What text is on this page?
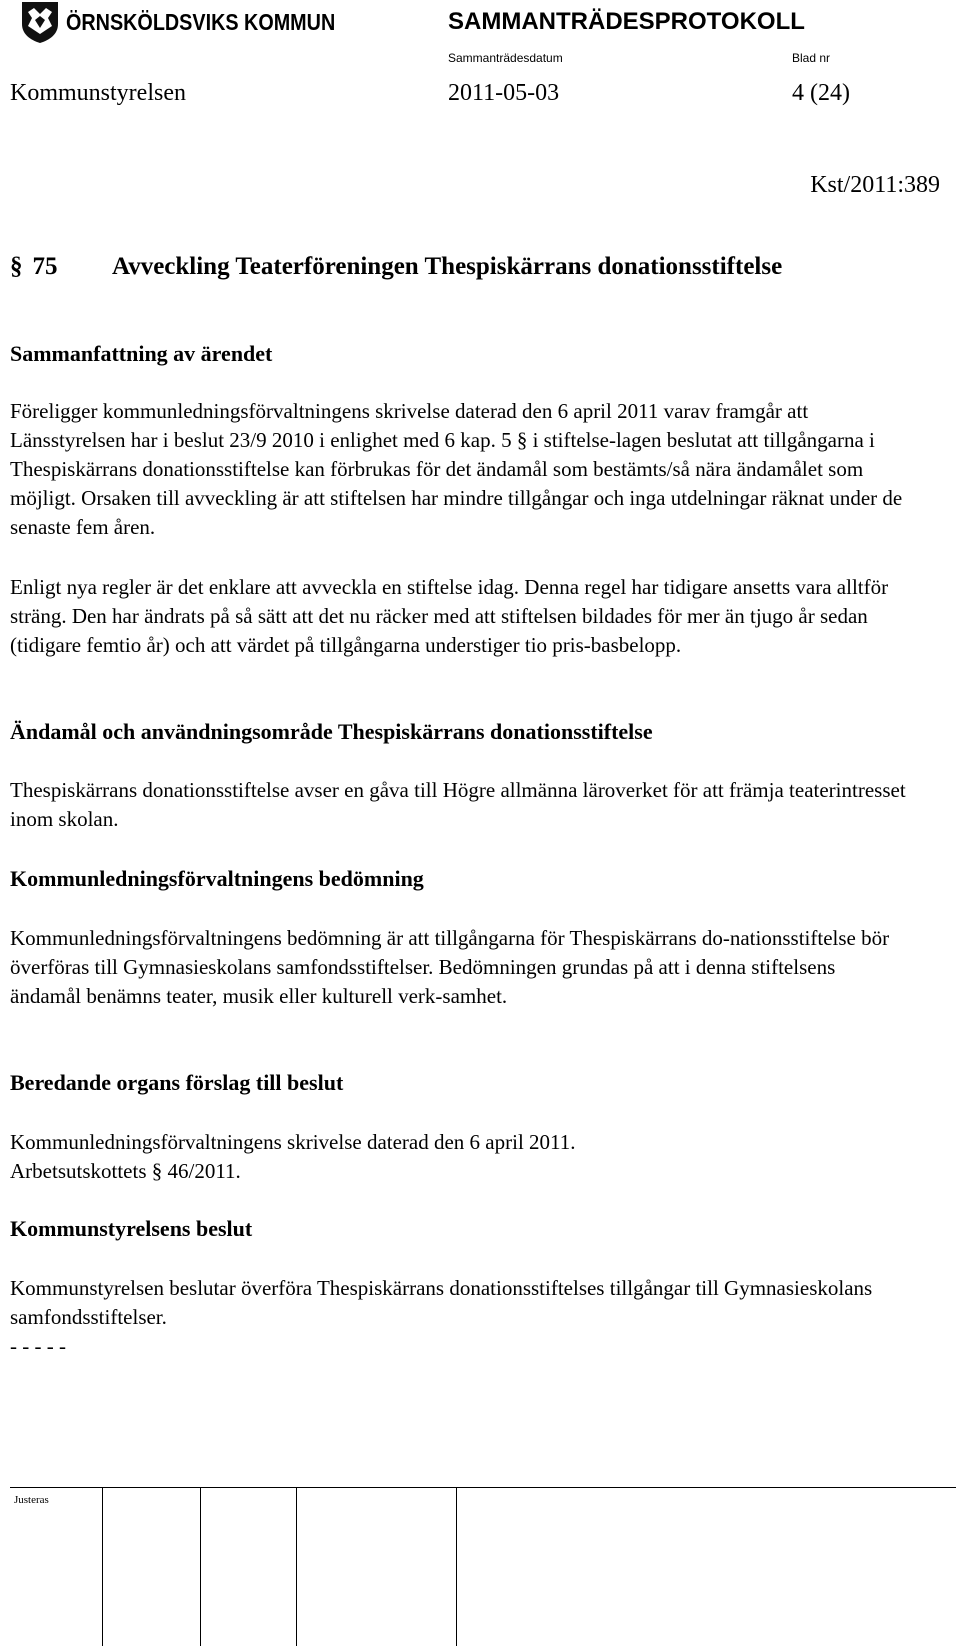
ÖRNSKÖLDSVIKS KOMMUN	SAMMANTRÄDESPROTOKOLL
Sammanträdesdatum	Blad nr
Kommunstyrelsen	2011-05-03	4 (24)
Kst/2011:389
§ 75 Avveckling Teaterföreningen Thespiskärrans donationsstiftelse
Sammanfattning av ärendet

Föreligger kommunledningsförvaltningens skrivelse daterad den 6 april 2011 varav framgår att Länsstyrelsen har i beslut 23/9 2010 i enlighet med 6 kap. 5 § i stiftelse-lagen beslutat att tillgångarna i Thespiskärrans donationsstiftelse kan förbrukas för det ändamål som bestämts/så nära ändamålet som möjligt. Orsaken till avveckling är att stiftelsen har mindre tillgångar och inga utdelningar räknat under de senaste fem åren.

Enligt nya regler är det enklare att avveckla en stiftelse idag. Denna regel har tidigare ansetts vara alltför sträng. Den har ändrats på så sätt att det nu räcker med att stiftelsen bildades för mer än tjugo år sedan (tidigare femtio år) och att värdet på tillgångarna understiger tio pris-basbelopp.

Ändamål och användningsområde Thespiskärrans donationsstiftelse

Thespiskärrans donationsstiftelse avser en gåva till Högre allmänna läroverket för att främja teaterintresset inom skolan.

Kommunledningsförvaltningens bedömning

Kommunledningsförvaltningens bedömning är att tillgångarna för Thespiskärrans do-nationsstiftelse bör överföras till Gymnasieskolans samfondsstiftelser. Bedömningen grundas på att i denna stiftelsens ändamål benämns teater, musik eller kulturell verk-samhet.

Beredande organs förslag till beslut

Kommunledningsförvaltningens skrivelse daterad den 6 april 2011.
Arbetsutskottets § 46/2011.

Kommunstyrelsens beslut

Kommunstyrelsen beslutar överföra Thespiskärrans donationsstiftelses tillgångar till Gymnasieskolans samfondsstiftelser.
- - - - -

Justeras
